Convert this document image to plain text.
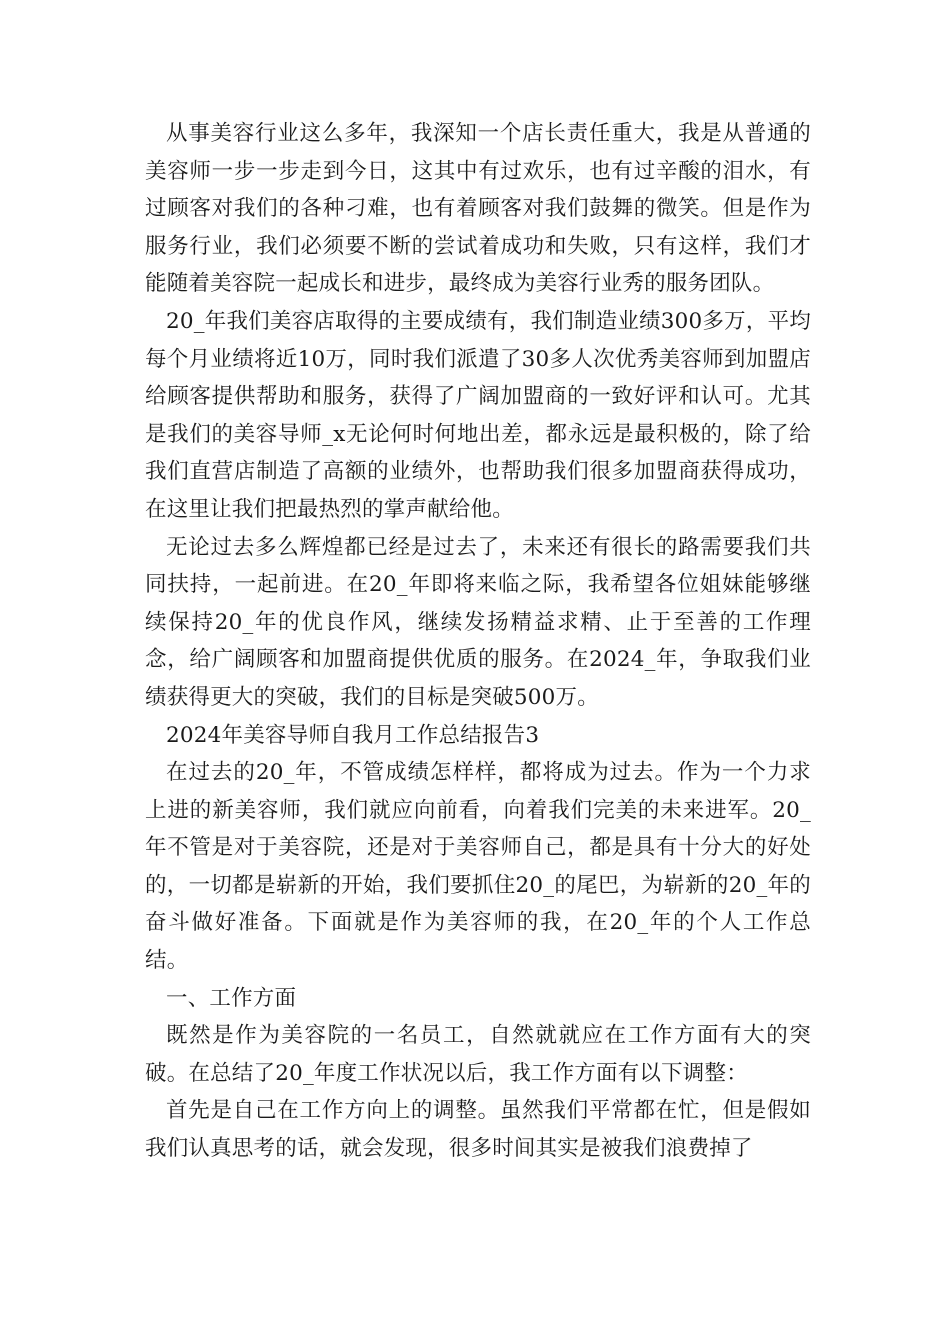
从事美容行业这么多年，我深知一个店长责任重大，我是从普通的美容师一步一步走到今日，这其中有过欢乐，也有过辛酸的泪水，有过顾客对我们的各种刁难，也有着顾客对我们鼓舞的微笑。但是作为服务行业，我们必须要不断的尝试着成功和失败，只有这样，我们才能随着美容院一起成长和进步，最终成为美容行业秀的服务团队。

20_年我们美容店取得的主要成绩有，我们制造业绩300多万，平均每个月业绩将近10万，同时我们派遣了30多人次优秀美容师到加盟店给顾客提供帮助和服务，获得了广阔加盟商的一致好评和认可。尤其是我们的美容导师_x无论何时何地出差，都永远是最积极的，除了给我们直营店制造了高额的业绩外，也帮助我们很多加盟商获得成功，在这里让我们把最热烈的掌声献给他。

无论过去多么辉煌都已经是过去了，未来还有很长的路需要我们共同扶持，一起前进。在20_年即将来临之际，我希望各位姐妹能够继续保持20_年的优良作风，继续发扬精益求精、止于至善的工作理念，给广阔顾客和加盟商提供优质的服务。在2024_年，争取我们业绩获得更大的突破，我们的目标是突破500万。

2024年美容导师自我月工作总结报告3

在过去的20_年，不管成绩怎样样，都将成为过去。作为一个力求上进的新美容师，我们就应向前看，向着我们完美的未来进军。20_年不管是对于美容院，还是对于美容师自己，都是具有十分大的好处的，一切都是崭新的开始，我们要抓住20_的尾巴，为崭新的20_年的奋斗做好准备。下面就是作为美容师的我，在20_年的个人工作总结。

一、工作方面

既然是作为美容院的一名员工，自然就就应在工作方面有大的突破。在总结了20_年度工作状况以后，我工作方面有以下调整：

首先是自己在工作方向上的调整。虽然我们平常都在忙，但是假如我们认真思考的话，就会发现，很多时间其实是被我们浪费掉了
